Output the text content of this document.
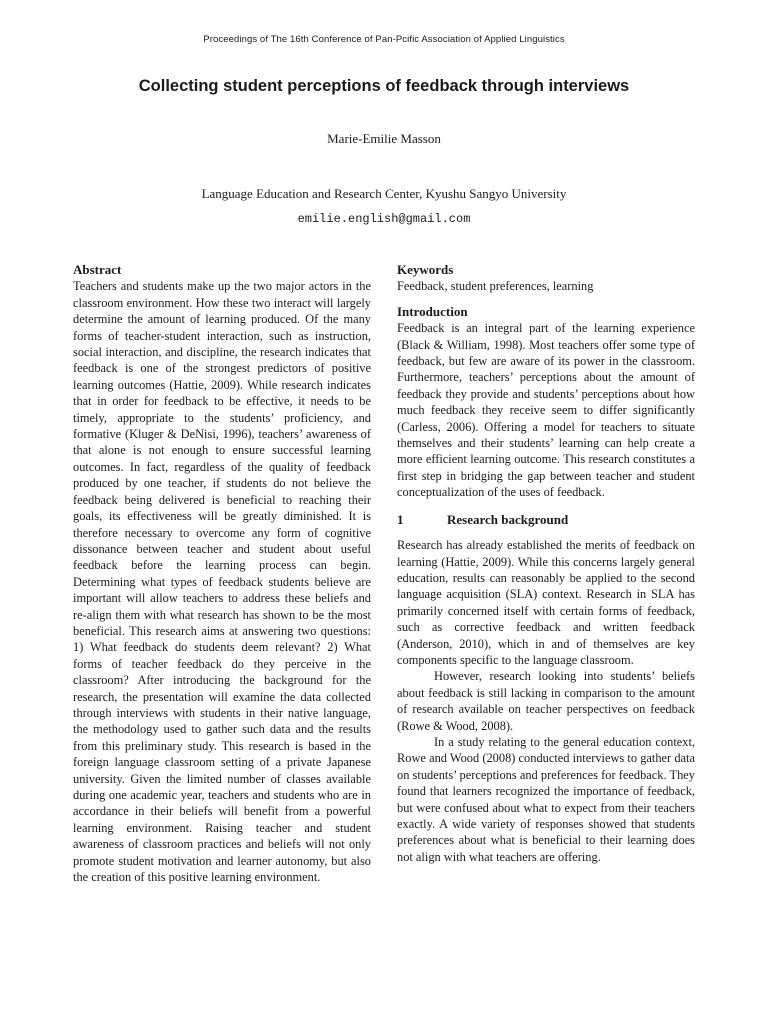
Proceedings of The 16th Conference of Pan-Pcific Association of Applied Linguistics
Collecting student perceptions of feedback through interviews
Marie-Emilie Masson
Language Education and Research Center, Kyushu Sangyo University
emilie.english@gmail.com
Abstract

Teachers and students make up the two major actors in the classroom environment. How these two interact will largely determine the amount of learning produced. Of the many forms of teacher-student interaction, such as instruction, social interaction, and discipline, the research indicates that feedback is one of the strongest predictors of positive learning outcomes (Hattie, 2009). While research indicates that in order for feedback to be effective, it needs to be timely, appropriate to the students’ proficiency, and formative (Kluger & DeNisi, 1996), teachers’ awareness of that alone is not enough to ensure successful learning outcomes. In fact, regardless of the quality of feedback produced by one teacher, if students do not believe the feedback being delivered is beneficial to reaching their goals, its effectiveness will be greatly diminished. It is therefore necessary to overcome any form of cognitive dissonance between teacher and student about useful feedback before the learning process can begin. Determining what types of feedback students believe are important will allow teachers to address these beliefs and re-align them with what research has shown to be the most beneficial. This research aims at answering two questions: 1) What feedback do students deem relevant? 2) What forms of teacher feedback do they perceive in the classroom? After introducing the background for the research, the presentation will examine the data collected through interviews with students in their native language, the methodology used to gather such data and the results from this preliminary study. This research is based in the foreign language classroom setting of a private Japanese university. Given the limited number of classes available during one academic year, teachers and students who are in accordance in their beliefs will benefit from a powerful learning environment. Raising teacher and student awareness of classroom practices and beliefs will not only promote student motivation and learner autonomy, but also the creation of this positive learning environment.

Keywords

Feedback, student preferences, learning

Introduction

Feedback is an integral part of the learning experience (Black & William, 1998). Most teachers offer some type of feedback, but few are aware of its power in the classroom. Furthermore, teachers’ perceptions about the amount of feedback they provide and students’ perceptions about how much feedback they receive seem to differ significantly (Carless, 2006). Offering a model for teachers to situate themselves and their students’ learning can help create a more efficient learning outcome. This research constitutes a first step in bridging the gap between teacher and student conceptualization of the uses of feedback.

1	Research background

Research has already established the merits of feedback on learning (Hattie, 2009). While this concerns largely general education, results can reasonably be applied to the second language acquisition (SLA) context. Research in SLA has primarily concerned itself with certain forms of feedback, such as corrective feedback and written feedback (Anderson, 2010), which in and of themselves are key components specific to the language classroom.

However, research looking into students’ beliefs about feedback is still lacking in comparison to the amount of research available on teacher perspectives on feedback (Rowe & Wood, 2008).

In a study relating to the general education context, Rowe and Wood (2008) conducted interviews to gather data on students’ perceptions and preferences for feedback. They found that learners recognized the importance of feedback, but were confused about what to expect from their teachers exactly. A wide variety of responses showed that students preferences about what is beneficial to their learning does not align with what teachers are offering.
